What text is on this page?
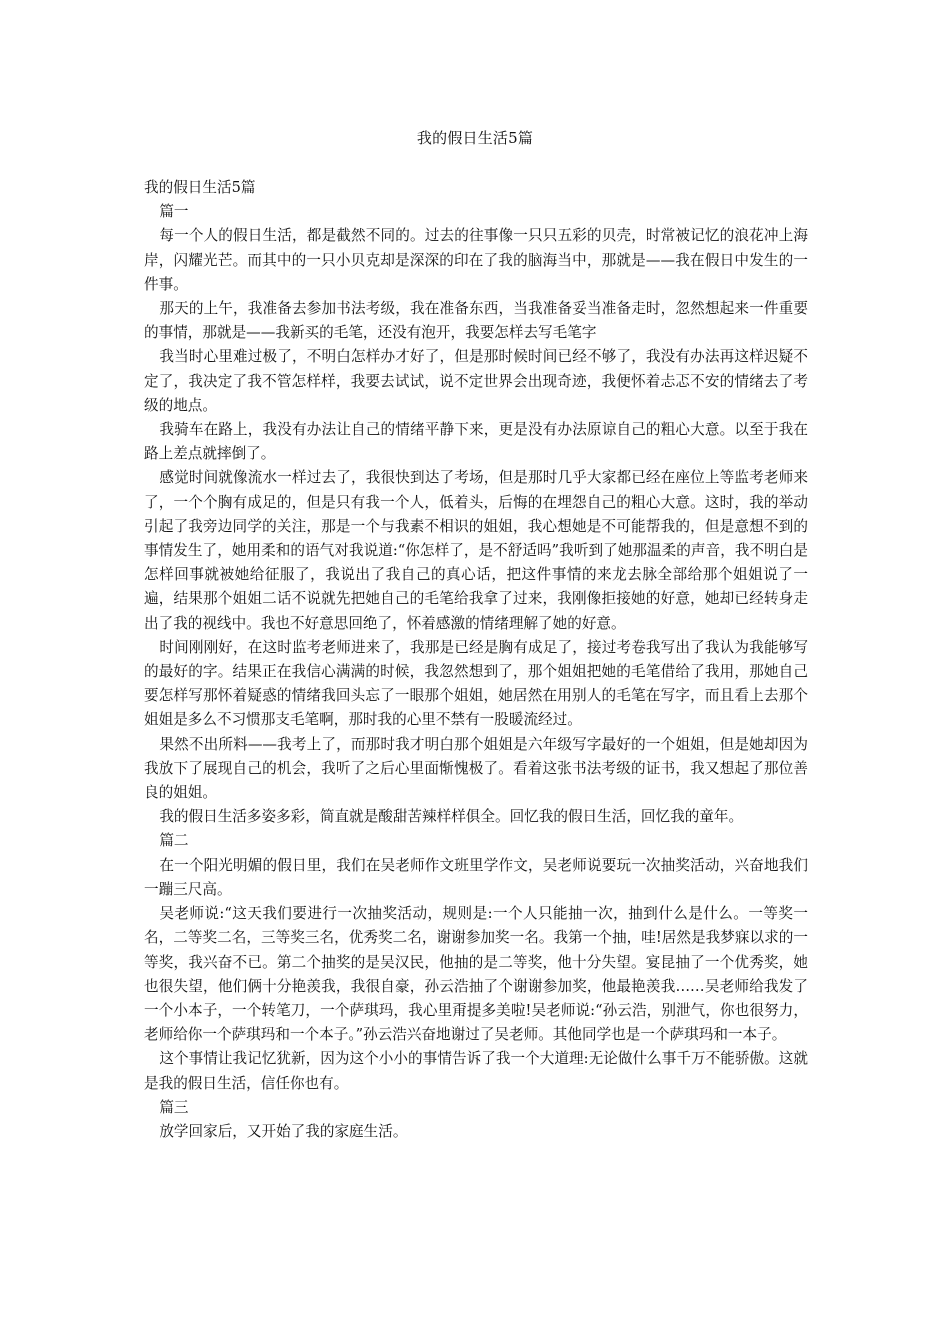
我的假日生活5篇

我的假日生活5篇

篇一

每一个人的假日生活，都是截然不同的。过去的往事像一只只五彩的贝壳，时常被记忆的浪花冲上海岸，闪耀光芒。而其中的一只小贝克却是深深的印在了我的脑海当中，那就是——我在假日中发生的一件事。

那天的上午，我准备去参加书法考级，我在准备东西，当我准备妥当准备走时，忽然想起来一件重要的事情，那就是——我新买的毛笔，还没有泡开，我要怎样去写毛笔字

我当时心里难过极了，不明白怎样办才好了，但是那时候时间已经不够了，我没有办法再这样迟疑不定了，我决定了我不管怎样样，我要去试试，说不定世界会出现奇迹，我便怀着忐忑不安的情绪去了考级的地点。

我骑车在路上，我没有办法让自己的情绪平静下来，更是没有办法原谅自己的粗心大意。以至于我在路上差点就摔倒了。

感觉时间就像流水一样过去了，我很快到达了考场，但是那时几乎大家都已经在座位上等监考老师来了，一个个胸有成足的，但是只有我一个人，低着头，后悔的在埋怨自己的粗心大意。这时，我的举动引起了我旁边同学的关注，那是一个与我素不相识的姐姐，我心想她是不可能帮我的，但是意想不到的事情发生了，她用柔和的语气对我说道:“你怎样了，是不舒适吗”我听到了她那温柔的声音，我不明白是怎样回事就被她给征服了，我说出了我自己的真心话，把这件事情的来龙去脉全部给那个姐姐说了一遍，结果那个姐姐二话不说就先把她自己的毛笔给我拿了过来，我刚像拒接她的好意，她却已经转身走出了我的视线中。我也不好意思回绝了，怀着感激的情绪理解了她的好意。

时间刚刚好，在这时监考老师进来了，我那是已经是胸有成足了，接过考卷我写出了我认为我能够写的最好的字。结果正在我信心满满的时候，我忽然想到了，那个姐姐把她的毛笔借给了我用，那她自己要怎样写那怀着疑惑的情绪我回头忘了一眼那个姐姐，她居然在用别人的毛笔在写字，而且看上去那个姐姐是多么不习惯那支毛笔啊，那时我的心里不禁有一股暖流经过。

果然不出所料——我考上了，而那时我才明白那个姐姐是六年级写字最好的一个姐姐，但是她却因为我放下了展现自己的机会，我听了之后心里面惭愧极了。看着这张书法考级的证书，我又想起了那位善良的姐姐。

我的假日生活多姿多彩，简直就是酸甜苦辣样样俱全。回忆我的假日生活，回忆我的童年。

篇二

在一个阳光明媚的假日里，我们在吴老师作文班里学作文，吴老师说要玩一次抽奖活动，兴奋地我们一蹦三尺高。

吴老师说:“这天我们要进行一次抽奖活动，规则是:一个人只能抽一次，抽到什么是什么。一等奖一名，二等奖二名，三等奖三名，优秀奖二名，谢谢参加奖一名。我第一个抽，哇!居然是我梦寐以求的一等奖，我兴奋不已。第二个抽奖的是吴汉民，他抽的是二等奖，他十分失望。宴昆抽了一个优秀奖，她也很失望，他们俩十分艳羡我，我很自豪，孙云浩抽了个谢谢参加奖，他最艳羡我……吴老师给我发了一个小本子，一个转笔刀，一个萨琪玛，我心里甭提多美啦!吴老师说:“孙云浩，别泄气，你也很努力，老师给你一个萨琪玛和一个本子。”孙云浩兴奋地谢过了吴老师。其他同学也是一个萨琪玛和一本子。

这个事情让我记忆犹新，因为这个小小的事情告诉了我一个大道理:无论做什么事千万不能骄傲。这就是我的假日生活，信任你也有。

篇三

放学回家后，又开始了我的家庭生活。
